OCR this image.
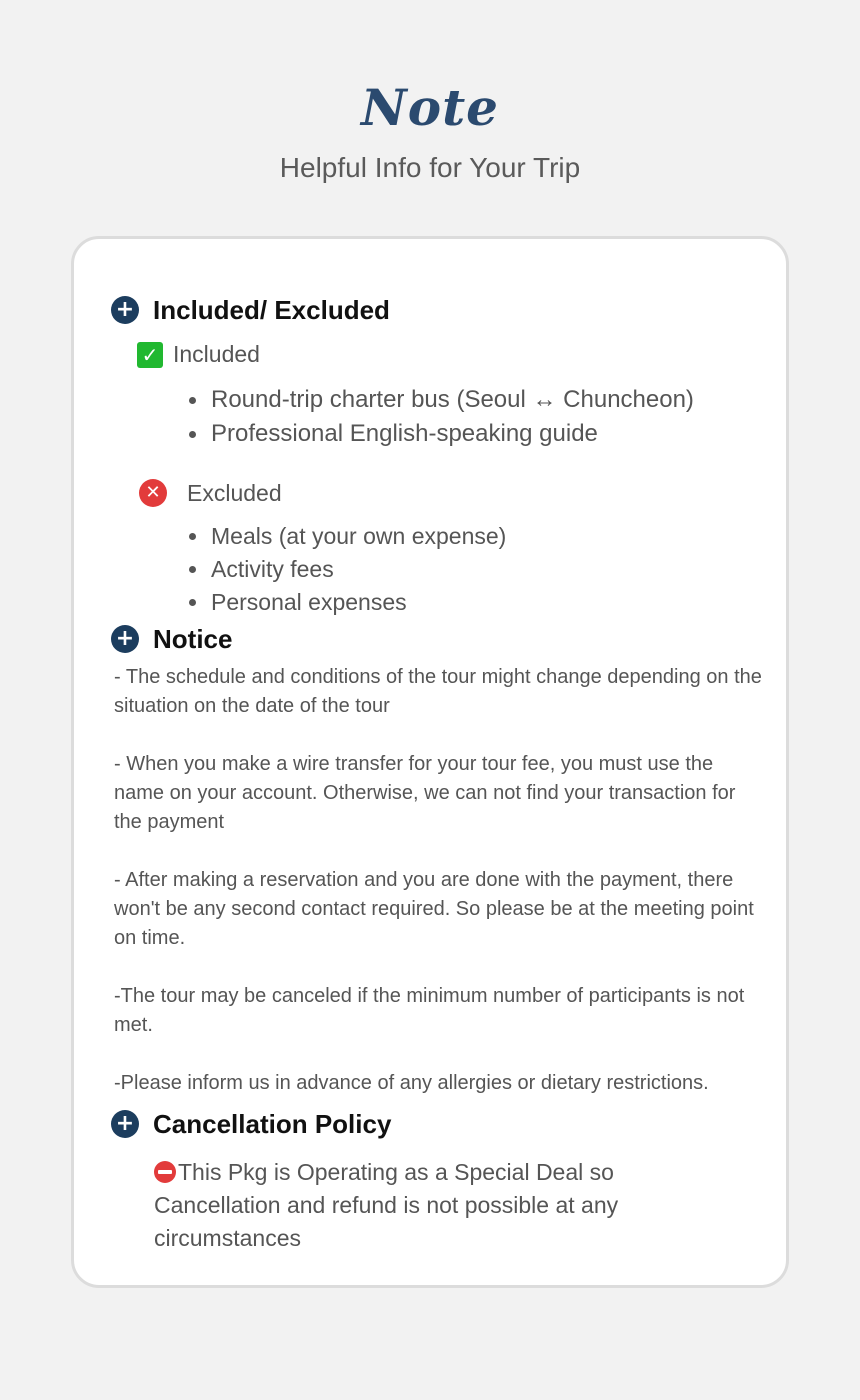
Note
Helpful Info for Your Trip
+ Included/ Excluded
✓ Included
Round-trip charter bus (Seoul ↔ Chuncheon)
Professional English-speaking guide
✕ Excluded
Meals (at your own expense)
Activity fees
Personal expenses
+ Notice

- The schedule and conditions of the tour might change depending on the situation on the date of the tour

- When you make a wire transfer for your tour fee, you must use the name on your account. Otherwise, we can not find your transaction for the payment

- After making a reservation and you are done with the payment, there won't be any second contact required. So please be at the meeting point on time.

-The tour may be canceled if the minimum number of participants is not met.

-Please inform us in advance of any allergies or dietary restrictions.

+ Cancellation Policy
This Pkg is Operating as a Special Deal so Cancellation and refund is not possible at any circumstances
